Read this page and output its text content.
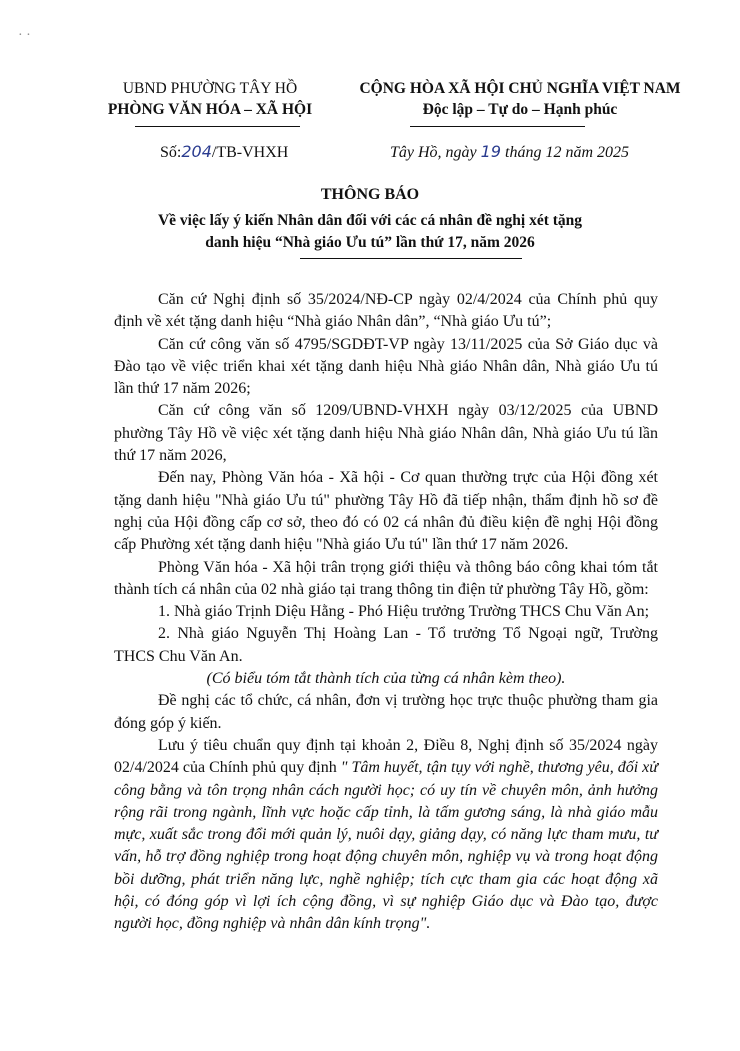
· ·
UBND PHƯỜNG TÂY HỒ
PHÒNG VĂN HÓA – XÃ HỘI
CỘNG HÒA XÃ HỘI CHỦ NGHĨA VIỆT NAM
Độc lập – Tự do – Hạnh phúc
Số:204/TB-VHXH	Tây Hồ, ngày 19 tháng 12 năm 2025
THÔNG BÁO
Về việc lấy ý kiến Nhân dân đối với các cá nhân đề nghị xét tặng
danh hiệu “Nhà giáo Ưu tú” lần thứ 17, năm 2026

Căn cứ Nghị định số 35/2024/NĐ-CP ngày 02/4/2024 của Chính phủ quy định về xét tặng danh hiệu “Nhà giáo Nhân dân”, “Nhà giáo Ưu tú”;

Căn cứ công văn số 4795/SGDĐT-VP ngày 13/11/2025 của Sở Giáo dục và Đào tạo về việc triển khai xét tặng danh hiệu Nhà giáo Nhân dân, Nhà giáo Ưu tú lần thứ 17 năm 2026;

Căn cứ công văn số 1209/UBND-VHXH ngày 03/12/2025 của UBND phường Tây Hồ về việc xét tặng danh hiệu Nhà giáo Nhân dân, Nhà giáo Ưu tú lần thứ 17 năm 2026,

Đến nay, Phòng Văn hóa - Xã hội - Cơ quan thường trực của Hội đồng xét tặng danh hiệu "Nhà giáo Ưu tú" phường Tây Hồ đã tiếp nhận, thẩm định hồ sơ đề nghị của Hội đồng cấp cơ sở, theo đó có 02 cá nhân đủ điều kiện đề nghị Hội đồng cấp Phường xét tặng danh hiệu "Nhà giáo Ưu tú" lần thứ 17 năm 2026.

Phòng Văn hóa - Xã hội trân trọng giới thiệu và thông báo công khai tóm tắt thành tích cá nhân của 02 nhà giáo tại trang thông tin điện tử phường Tây Hồ, gồm:

1. Nhà giáo Trịnh Diệu Hằng - Phó Hiệu trưởng Trường THCS Chu Văn An;

2. Nhà giáo Nguyễn Thị Hoàng Lan - Tổ trưởng Tổ Ngoại ngữ, Trường THCS Chu Văn An.

(Có biểu tóm tắt thành tích của từng cá nhân kèm theo).

Đề nghị các tổ chức, cá nhân, đơn vị trường học trực thuộc phường tham gia đóng góp ý kiến.

Lưu ý tiêu chuẩn quy định tại khoản 2, Điều 8, Nghị định số 35/2024 ngày 02/4/2024 của Chính phủ quy định " Tâm huyết, tận tụy với nghề, thương yêu, đối xử công bằng và tôn trọng nhân cách người học; có uy tín về chuyên môn, ảnh hưởng rộng rãi trong ngành, lĩnh vực hoặc cấp tỉnh, là tấm gương sáng, là nhà giáo mẫu mực, xuất sắc trong đổi mới quản lý, nuôi dạy, giảng dạy, có năng lực tham mưu, tư vấn, hỗ trợ đồng nghiệp trong hoạt động chuyên môn, nghiệp vụ và trong hoạt động bồi dưỡng, phát triển năng lực, nghề nghiệp; tích cực tham gia các hoạt động xã hội, có đóng góp vì lợi ích cộng đồng, vì sự nghiệp Giáo dục và Đào tạo, được người học, đồng nghiệp và nhân dân kính trọng".
